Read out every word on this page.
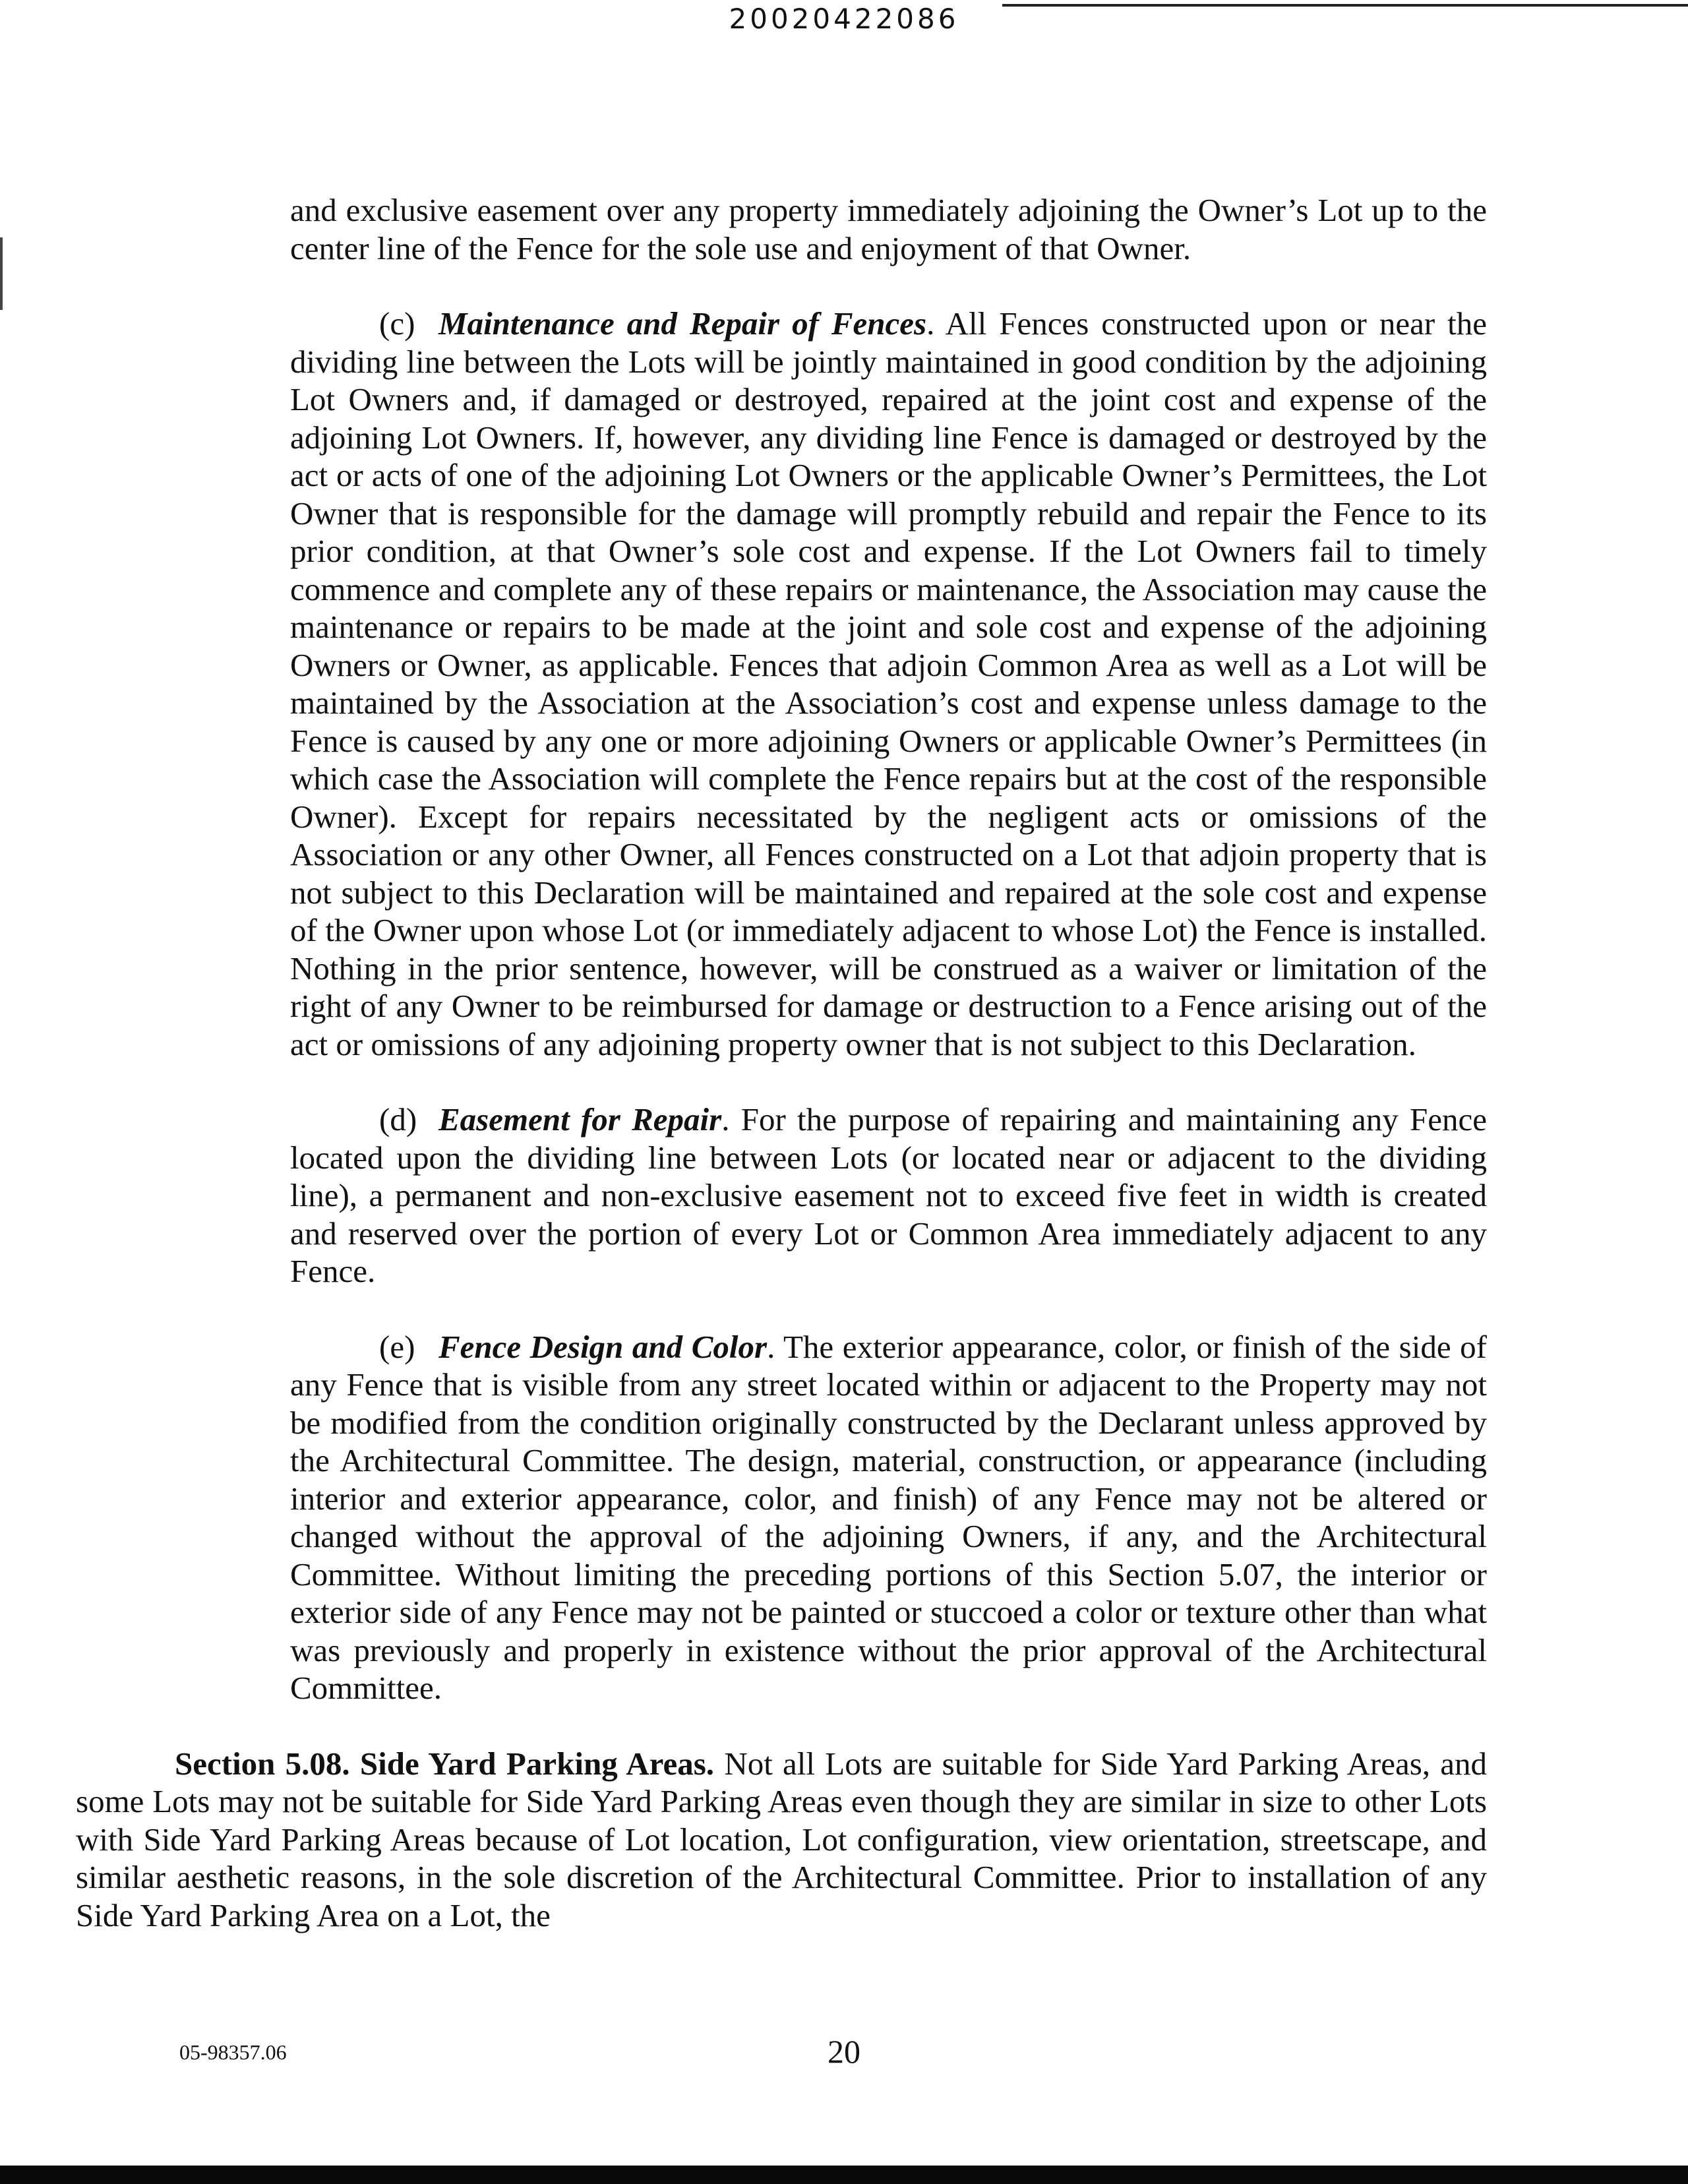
20020422086

and exclusive easement over any property immediately adjoining the Owner’s Lot up to the center line of the Fence for the sole use and enjoyment of that Owner.

(c) Maintenance and Repair of Fences. All Fences constructed upon or near the dividing line between the Lots will be jointly maintained in good condition by the adjoining Lot Owners and, if damaged or destroyed, repaired at the joint cost and expense of the adjoining Lot Owners. If, however, any dividing line Fence is damaged or destroyed by the act or acts of one of the adjoining Lot Owners or the applicable Owner’s Permittees, the Lot Owner that is responsible for the damage will promptly rebuild and repair the Fence to its prior condition, at that Owner’s sole cost and expense. If the Lot Owners fail to timely commence and complete any of these repairs or maintenance, the Association may cause the maintenance or repairs to be made at the joint and sole cost and expense of the adjoining Owners or Owner, as applicable. Fences that adjoin Common Area as well as a Lot will be maintained by the Association at the Association’s cost and expense unless damage to the Fence is caused by any one or more adjoining Owners or applicable Owner’s Permittees (in which case the Association will complete the Fence repairs but at the cost of the responsible Owner). Except for repairs necessitated by the negligent acts or omissions of the Association or any other Owner, all Fences constructed on a Lot that adjoin property that is not subject to this Declaration will be maintained and repaired at the sole cost and expense of the Owner upon whose Lot (or immediately adjacent to whose Lot) the Fence is installed. Nothing in the prior sentence, however, will be construed as a waiver or limitation of the right of any Owner to be reimbursed for damage or destruction to a Fence arising out of the act or omissions of any adjoining property owner that is not subject to this Declaration.

(d) Easement for Repair. For the purpose of repairing and maintaining any Fence located upon the dividing line between Lots (or located near or adjacent to the dividing line), a permanent and non-exclusive easement not to exceed five feet in width is created and reserved over the portion of every Lot or Common Area immediately adjacent to any Fence.

(e) Fence Design and Color. The exterior appearance, color, or finish of the side of any Fence that is visible from any street located within or adjacent to the Property may not be modified from the condition originally constructed by the Declarant unless approved by the Architectural Committee. The design, material, construction, or appearance (including interior and exterior appearance, color, and finish) of any Fence may not be altered or changed without the approval of the adjoining Owners, if any, and the Architectural Committee. Without limiting the preceding portions of this Section 5.07, the interior or exterior side of any Fence may not be painted or stuccoed a color or texture other than what was previously and properly in existence without the prior approval of the Architectural Committee.

Section 5.08. Side Yard Parking Areas. Not all Lots are suitable for Side Yard Parking Areas, and some Lots may not be suitable for Side Yard Parking Areas even though they are similar in size to other Lots with Side Yard Parking Areas because of Lot location, Lot configuration, view orientation, streetscape, and similar aesthetic reasons, in the sole discretion of the Architectural Committee. Prior to installation of any Side Yard Parking Area on a Lot, the

05-98357.06	20
